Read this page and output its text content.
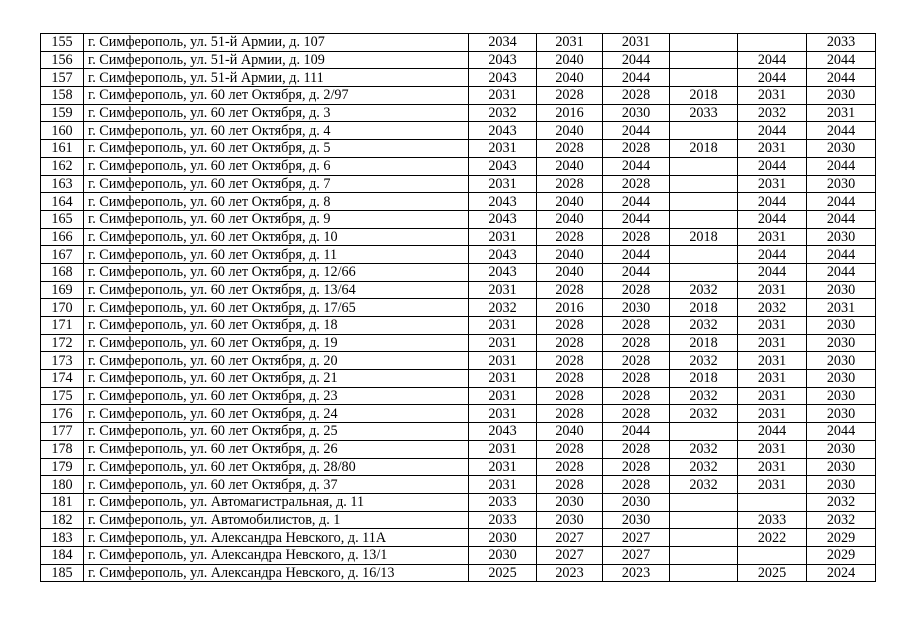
155	г. Симферополь, ул. 51-й Армии, д. 107	2034	2031	2031			2033
156	г. Симферополь, ул. 51-й Армии, д. 109	2043	2040	2044		2044	2044
157	г. Симферополь, ул. 51-й Армии, д. 111	2043	2040	2044		2044	2044
158	г. Симферополь, ул. 60 лет Октября, д. 2/97	2031	2028	2028	2018	2031	2030
159	г. Симферополь, ул. 60 лет Октября, д. 3	2032	2016	2030	2033	2032	2031
160	г. Симферополь, ул. 60 лет Октября, д. 4	2043	2040	2044		2044	2044
161	г. Симферополь, ул. 60 лет Октября, д. 5	2031	2028	2028	2018	2031	2030
162	г. Симферополь, ул. 60 лет Октября, д. 6	2043	2040	2044		2044	2044
163	г. Симферополь, ул. 60 лет Октября, д. 7	2031	2028	2028		2031	2030
164	г. Симферополь, ул. 60 лет Октября, д. 8	2043	2040	2044		2044	2044
165	г. Симферополь, ул. 60 лет Октября, д. 9	2043	2040	2044		2044	2044
166	г. Симферополь, ул. 60 лет Октября, д. 10	2031	2028	2028	2018	2031	2030
167	г. Симферополь, ул. 60 лет Октября, д. 11	2043	2040	2044		2044	2044
168	г. Симферополь, ул. 60 лет Октября, д. 12/66	2043	2040	2044		2044	2044
169	г. Симферополь, ул. 60 лет Октября, д. 13/64	2031	2028	2028	2032	2031	2030
170	г. Симферополь, ул. 60 лет Октября, д. 17/65	2032	2016	2030	2018	2032	2031
171	г. Симферополь, ул. 60 лет Октября, д. 18	2031	2028	2028	2032	2031	2030
172	г. Симферополь, ул. 60 лет Октября, д. 19	2031	2028	2028	2018	2031	2030
173	г. Симферополь, ул. 60 лет Октября, д. 20	2031	2028	2028	2032	2031	2030
174	г. Симферополь, ул. 60 лет Октября, д. 21	2031	2028	2028	2018	2031	2030
175	г. Симферополь, ул. 60 лет Октября, д. 23	2031	2028	2028	2032	2031	2030
176	г. Симферополь, ул. 60 лет Октября, д. 24	2031	2028	2028	2032	2031	2030
177	г. Симферополь, ул. 60 лет Октября, д. 25	2043	2040	2044		2044	2044
178	г. Симферополь, ул. 60 лет Октября, д. 26	2031	2028	2028	2032	2031	2030
179	г. Симферополь, ул. 60 лет Октября, д. 28/80	2031	2028	2028	2032	2031	2030
180	г. Симферополь, ул. 60 лет Октября, д. 37	2031	2028	2028	2032	2031	2030
181	г. Симферополь, ул. Автомагистральная, д. 11	2033	2030	2030			2032
182	г. Симферополь, ул. Автомобилистов, д. 1	2033	2030	2030		2033	2032
183	г. Симферополь, ул. Александра Невского, д. 11А	2030	2027	2027		2022	2029
184	г. Симферополь, ул. Александра Невского, д. 13/1	2030	2027	2027			2029
185	г. Симферополь, ул. Александра Невского, д. 16/13	2025	2023	2023		2025	2024
